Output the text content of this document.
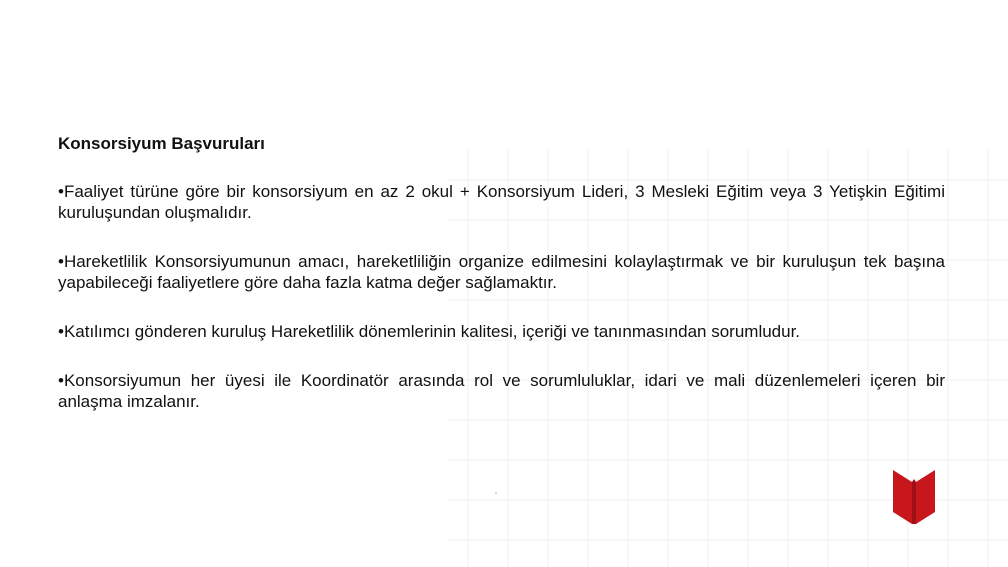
Konsorsiyum Başvuruları
• Faaliyet türüne göre bir konsorsiyum en az 2 okul + Konsorsiyum Lideri, 3 Mesleki Eğitim veya 3 Yetişkin Eğitimi kuruluşundan oluşmalıdır.
• Hareketlilik Konsorsiyumunun amacı, hareketliliğin organize edilmesini kolaylaştırmak ve bir kuruluşun tek başına yapabileceği faaliyetlere göre daha fazla katma değer sağlamaktır.
• Katılımcı gönderen kuruluş Hareketlilik dönemlerinin kalitesi, içeriği ve tanınmasından sorumludur.
• Konsorsiyumun her üyesi ile Koordinatör arasında rol ve sorumluluklar, idari ve mali düzenlemeleri içeren bir anlaşma imzalanır.
